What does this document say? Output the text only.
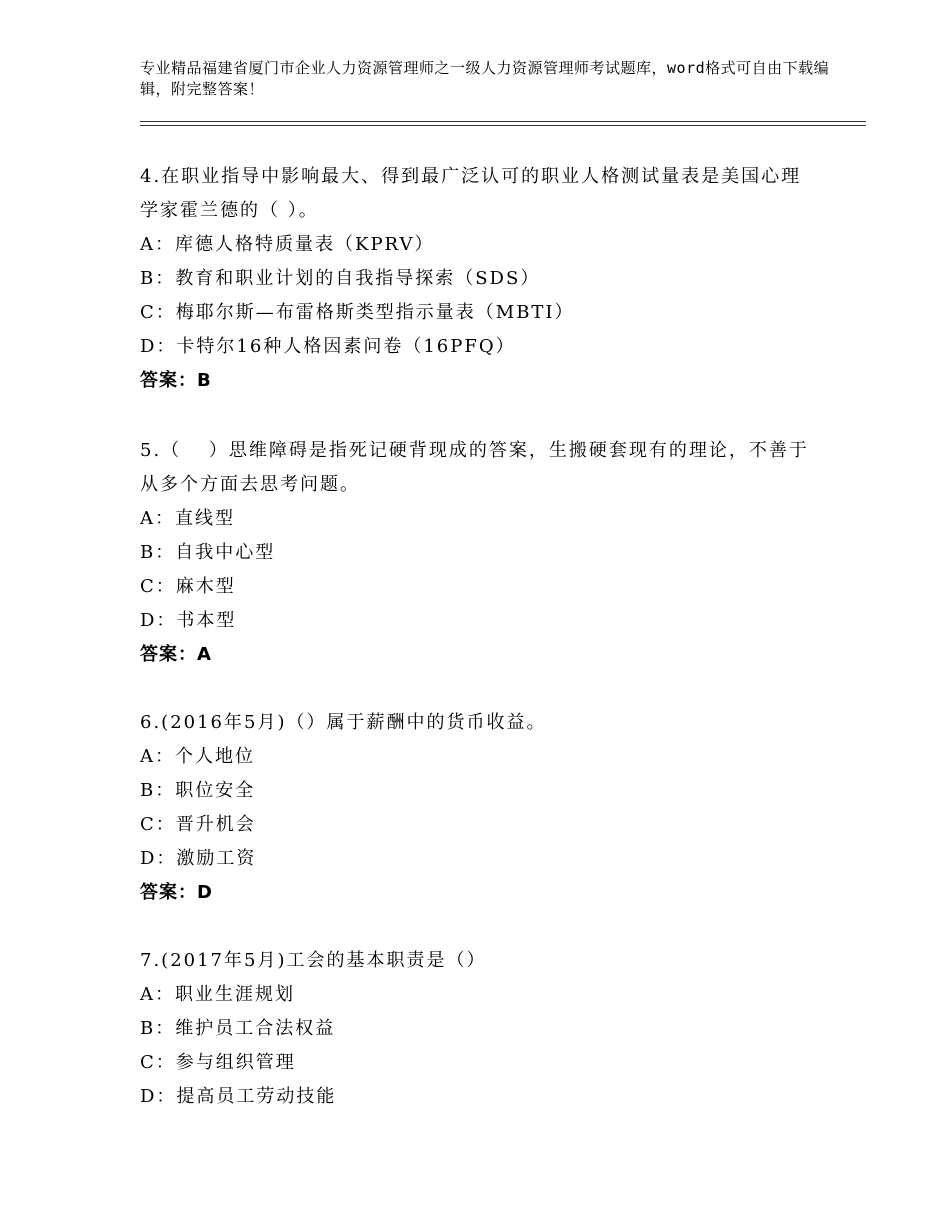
专业精品福建省厦门市企业人力资源管理师之一级人力资源管理师考试题库，word格式可自由下载编辑，附完整答案！
4.在职业指导中影响最大、得到最广泛认可的职业人格测试量表是美国心理学家霍兰德的（ ）。
A：库德人格特质量表（KPRV）
B：教育和职业计划的自我指导探索（SDS）
C：梅耶尔斯—布雷格斯类型指示量表（MBTI）
D：卡特尔16种人格因素问卷（16PFQ）
答案：B
5.（　 ）思维障碍是指死记硬背现成的答案，生搬硬套现有的理论，不善于从多个方面去思考问题。
A：直线型
B：自我中心型
C：麻木型
D：书本型
答案：A
6.(2016年5月)（）属于薪酬中的货币收益。
A：个人地位
B：职位安全
C：晋升机会
D：激励工资
答案：D
7.(2017年5月)工会的基本职责是（）
A：职业生涯规划
B：维护员工合法权益
C：参与组织管理
D：提高员工劳动技能
